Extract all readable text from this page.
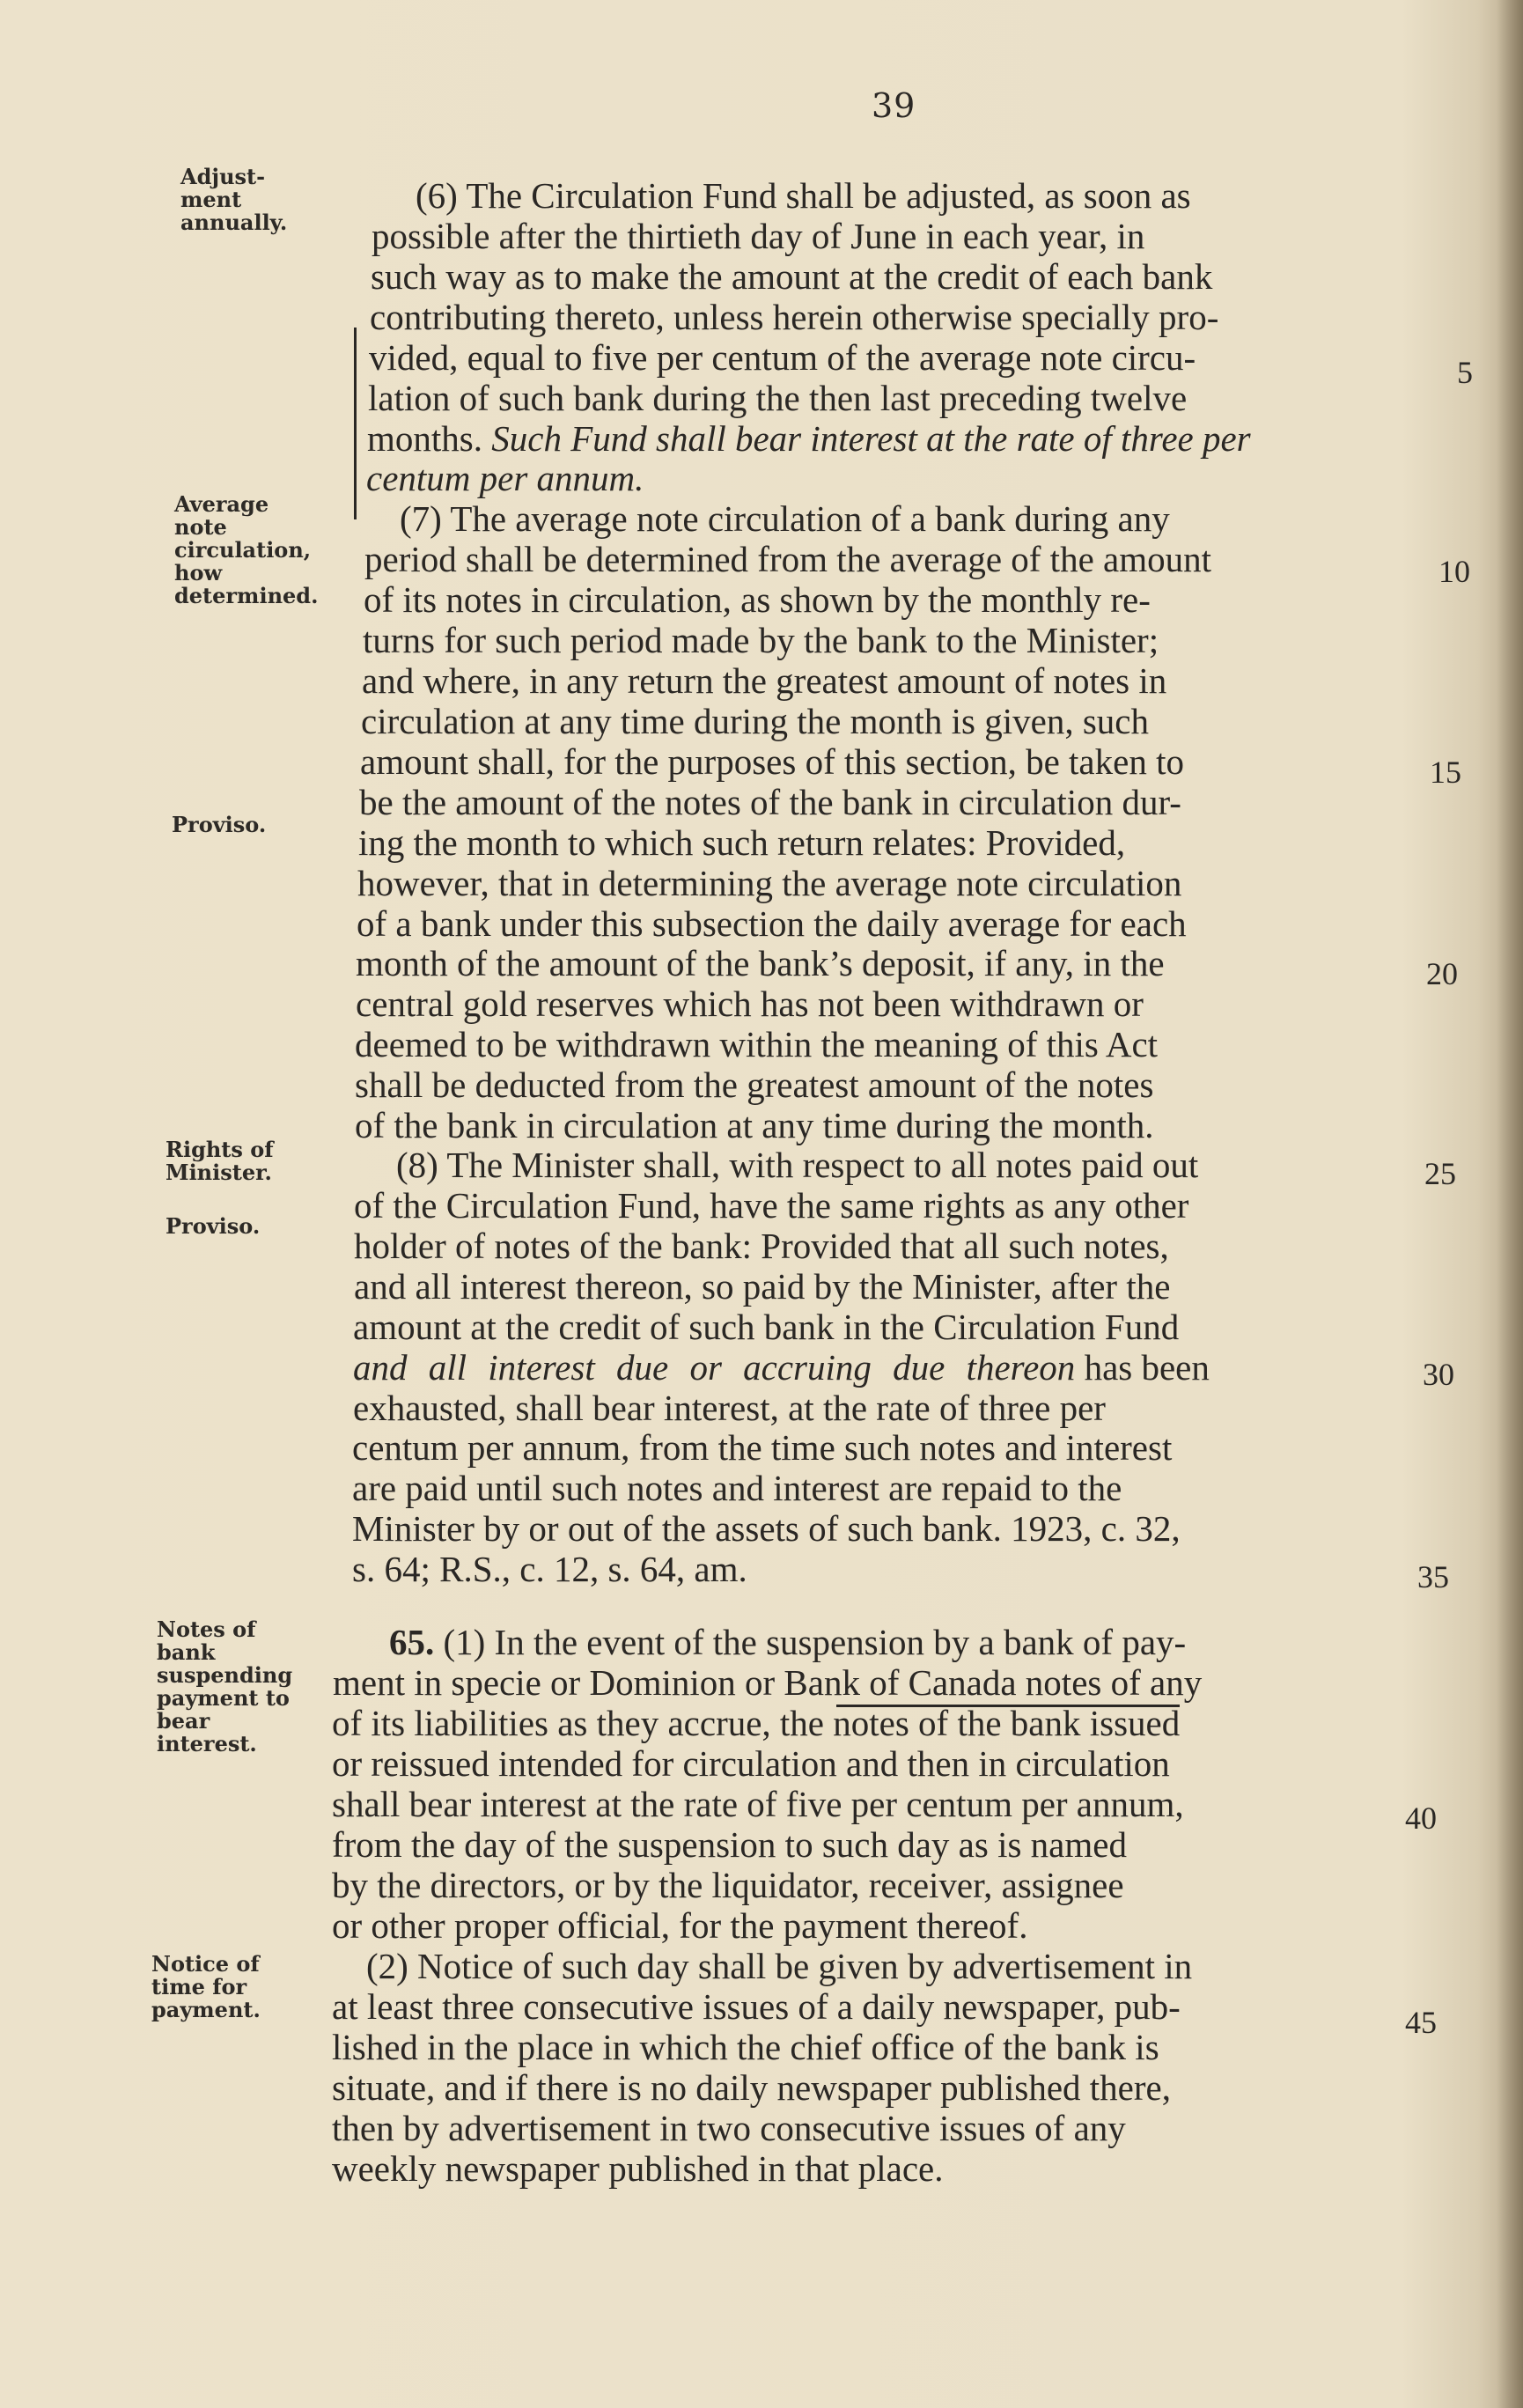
39
Adjust-
ment
annually.
Average
note
circulation,
how
determined.
Proviso.
Rights of
Minister.
Proviso.
Notes of
bank
suspending
payment to
bear
interest.
Notice of
time for
payment.
(6) The Circulation Fund shall be adjusted, as soon as
possible after the thirtieth day of June in each year, in
such way as to make the amount at the credit of each bank
contributing thereto, unless herein otherwise specially pro-
vided, equal to five per centum of the average note circu-
lation of such bank during the then last preceding twelve
months. Such Fund shall bear interest at the rate of three per
centum per annum.
(7) The average note circulation of a bank during any
period shall be determined from the average of the amount
of its notes in circulation, as shown by the monthly re-
turns for such period made by the bank to the Minister;
and where, in any return the greatest amount of notes in
circulation at any time during the month is given, such
amount shall, for the purposes of this section, be taken to
be the amount of the notes of the bank in circulation dur-
ing the month to which such return relates: Provided,
however, that in determining the average note circulation
of a bank under this subsection the daily average for each
month of the amount of the bank’s deposit, if any, in the
central gold reserves which has not been withdrawn or
deemed to be withdrawn within the meaning of this Act
shall be deducted from the greatest amount of the notes
of the bank in circulation at any time during the month.
(8) The Minister shall, with respect to all notes paid out
of the Circulation Fund, have the same rights as any other
holder of notes of the bank: Provided that all such notes,
and all interest thereon, so paid by the Minister, after the
amount at the credit of such bank in the Circulation Fund
and all interest due or accruing due thereon has been
exhausted, shall bear interest, at the rate of three per
centum per annum, from the time such notes and interest
are paid until such notes and interest are repaid to the
Minister by or out of the assets of such bank. 1923, c. 32,
s. 64; R.S., c. 12, s. 64, am.
65. (1) In the event of the suspension by a bank of pay-
ment in specie or Dominion or Bank of Canada notes of any
of its liabilities as they accrue, the notes of the bank issued
or reissued intended for circulation and then in circulation
shall bear interest at the rate of five per centum per annum,
from the day of the suspension to such day as is named
by the directors, or by the liquidator, receiver, assignee
or other proper official, for the payment thereof.
(2) Notice of such day shall be given by advertisement in
at least three consecutive issues of a daily newspaper, pub-
lished in the place in which the chief office of the bank is
situate, and if there is no daily newspaper published there,
then by advertisement in two consecutive issues of any
weekly newspaper published in that place.
5
10
15
20
25
30
35
40
45
